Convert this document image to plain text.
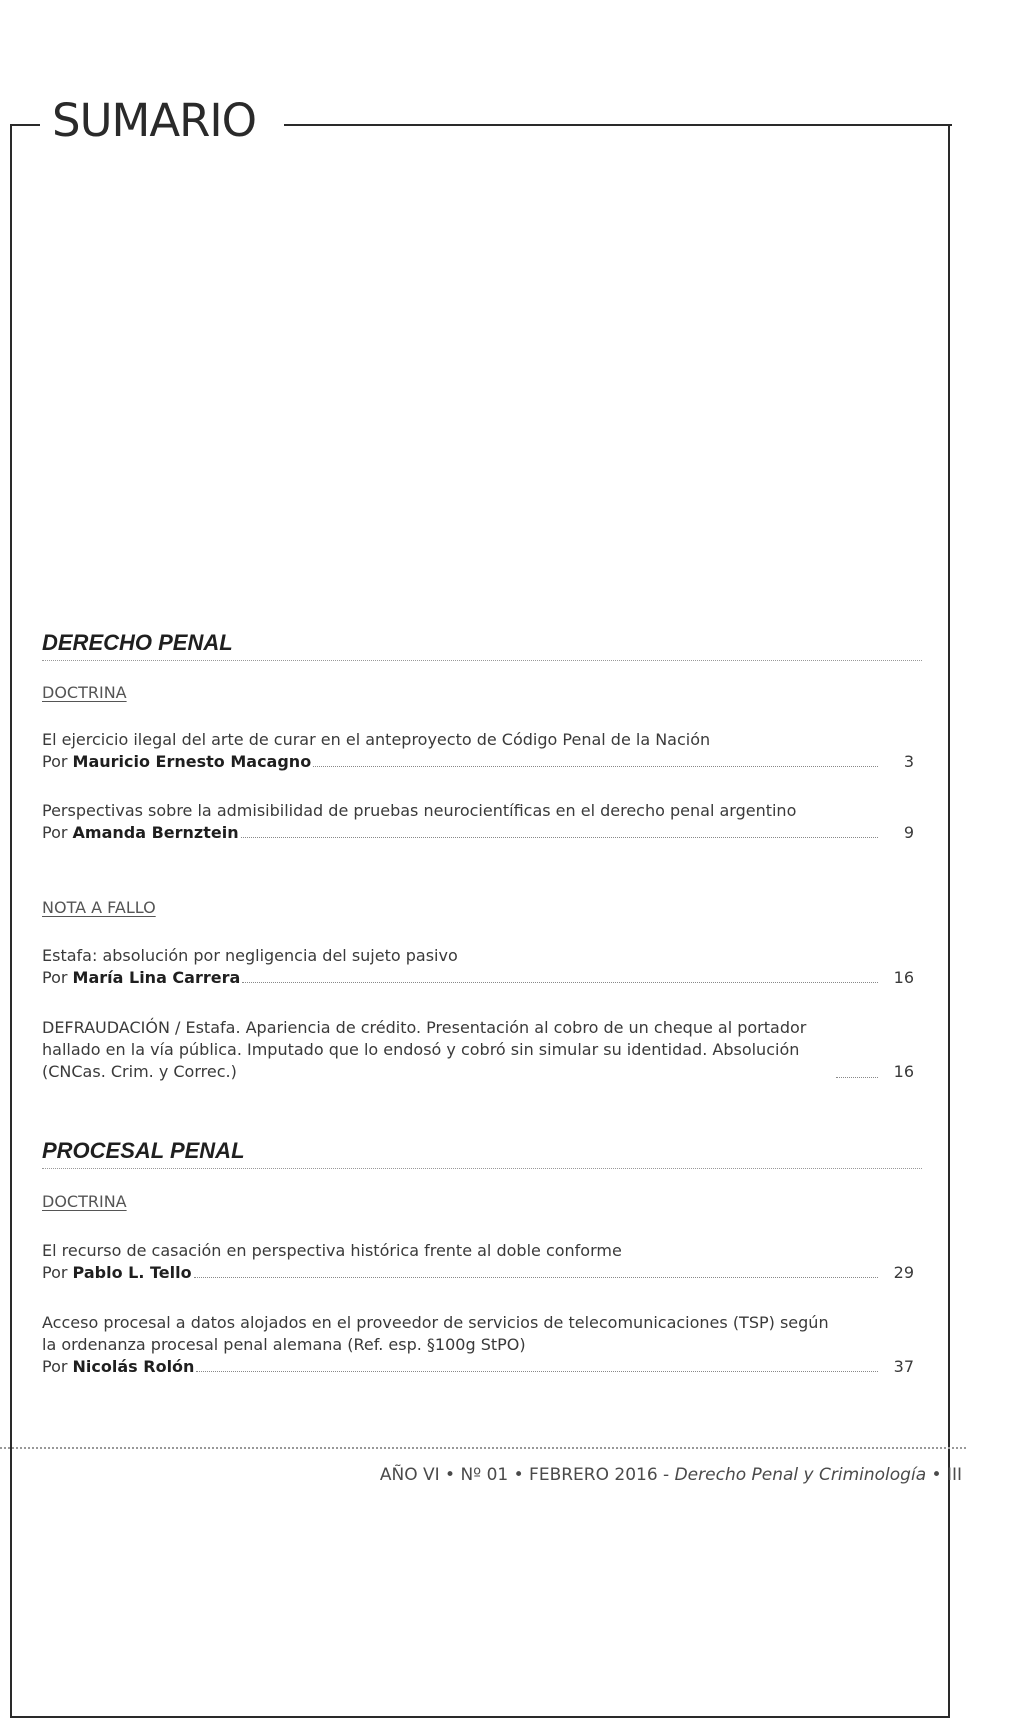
SUMARIO
DERECHO PENAL
DOCTRINA
El ejercicio ilegal del arte de curar en el anteproyecto de Código Penal de la Nación
Por Mauricio Ernesto Macagno	3
Perspectivas sobre la admisibilidad de pruebas neurocientíficas en el derecho penal argentino
Por Amanda Bernztein	9
NOTA A FALLO
Estafa: absolución por negligencia del sujeto pasivo
Por María Lina Carrera	16
DEFRAUDACIÓN / Estafa. Apariencia de crédito. Presentación al cobro de un cheque al portador hallado en la vía pública. Imputado que lo endosó y cobró sin simular su identidad. Absolución (CNCas. Crim. y Correc.)	16
PROCESAL PENAL
DOCTRINA
El recurso de casación en perspectiva histórica frente al doble conforme
Por Pablo L. Tello	29
Acceso procesal a datos alojados en el proveedor de servicios de telecomunicaciones (TSP) según la ordenanza procesal penal alemana (Ref. esp. §100g StPO)
Por Nicolás Rolón	37
AÑO VI • Nº 01 • FEBRERO 2016 - Derecho Penal y Criminología • III
